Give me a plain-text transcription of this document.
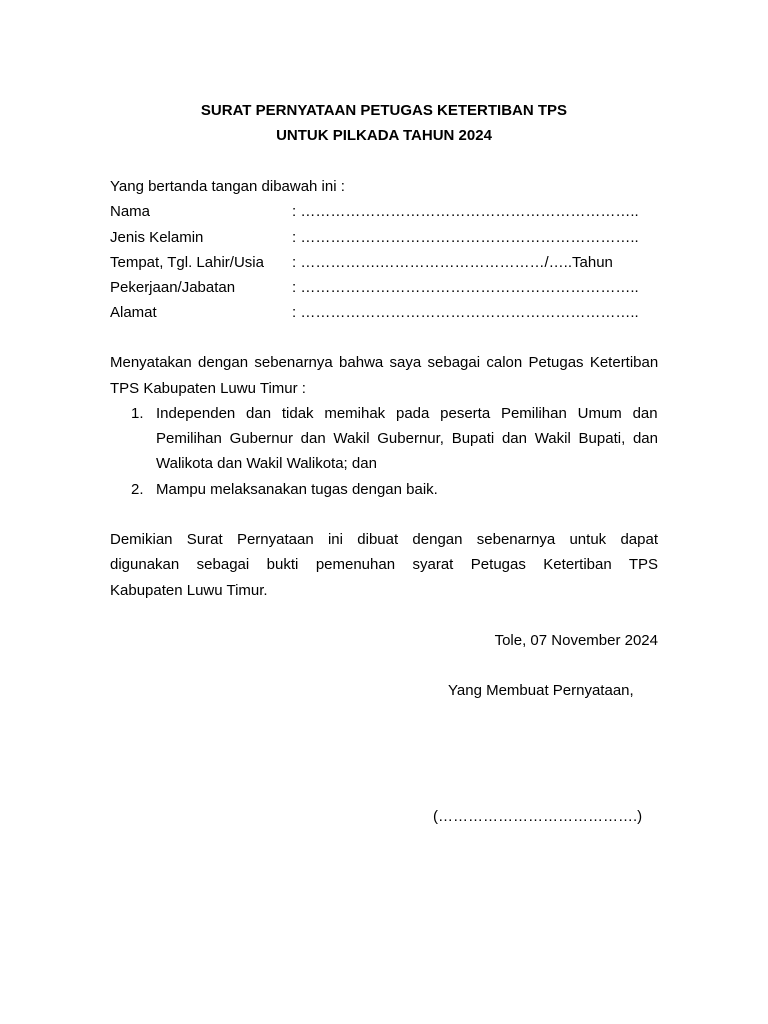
SURAT PERNYATAAN PETUGAS KETERTIBAN TPS
UNTUK PILKADA TAHUN 2024
Yang bertanda tangan dibawah ini :
Nama	: …………………………………………………………..
Jenis Kelamin	: …………………………………………………………..
Tempat, Tgl. Lahir/Usia : …………….……………………………/…..Tahun
Pekerjaan/Jabatan	: …………………………………………………………..
Alamat	: …………………………………………………………..
Menyatakan dengan sebenarnya bahwa saya sebagai calon Petugas Ketertiban
TPS Kabupaten Luwu Timur :
1. Independen dan tidak memihak pada peserta Pemilihan Umum dan
Pemilihan Gubernur dan Wakil Gubernur, Bupati dan Wakil Bupati, dan
Walikota dan Wakil Walikota; dan
2. Mampu melaksanakan tugas dengan baik.
Demikian Surat Pernyataan ini dibuat dengan sebenarnya untuk dapat
digunakan sebagai bukti pemenuhan syarat Petugas Ketertiban TPS
Kabupaten Luwu Timur.
Tole, 07 November 2024
Yang Membuat Pernyataan,
(………………………………….)
